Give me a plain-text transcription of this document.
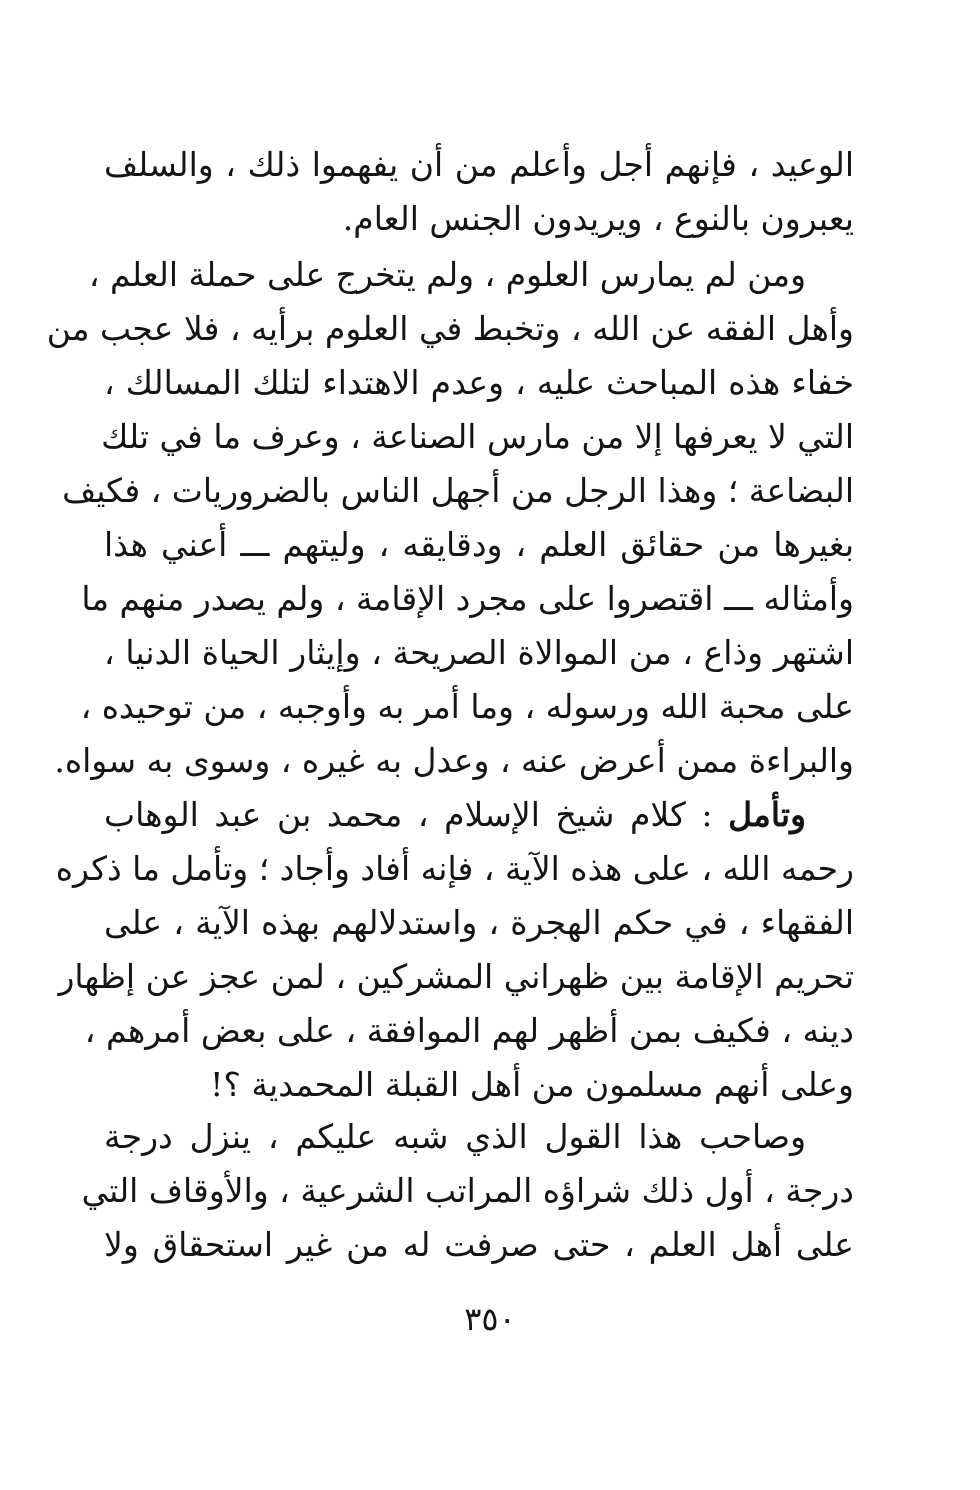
الوعيد ، فإنهم أجل وأعلم من أن يفهموا ذلك ، والسلف
يعبرون بالنوع ، ويريدون الجنس العام.
ومن لم يمارس العلوم ، ولم يتخرج على حملة العلم ،
وأهل الفقه عن الله ، وتخبط في العلوم برأيه ، فلا عجب من
خفاء هذه المباحث عليه ، وعدم الاهتداء لتلك المسالك ،
التي لا يعرفها إلا من مارس الصناعة ، وعرف ما في تلك
البضاعة ؛ وهذا الرجل من أجهل الناس بالضروريات ، فكيف
بغيرها من حقائق العلم ، ودقايقه ، وليتهم ـــ أعني هذا
وأمثاله ـــ اقتصروا على مجرد الإقامة ، ولم يصدر منهم ما
اشتهر وذاع ، من الموالاة الصريحة ، وإيثار الحياة الدنيا ،
على محبة الله ورسوله ، وما أمر به وأوجبه ، من توحيده ،
والبراءة ممن أعرض عنه ، وعدل به غيره ، وسوى به سواه.
وتأمل : كلام شيخ الإسلام ، محمد بن عبد الوهاب
رحمه الله ، على هذه الآية ، فإنه أفاد وأجاد ؛ وتأمل ما ذكره
الفقهاء ، في حكم الهجرة ، واستدلالهم بهذه الآية ، على
تحريم الإقامة بين ظهراني المشركين ، لمن عجز عن إظهار
دينه ، فكيف بمن أظهر لهم الموافقة ، على بعض أمرهم ،
وعلى أنهم مسلمون من أهل القبلة المحمدية ؟!
وصاحب هذا القول الذي شبه عليكم ، ينزل درجة
درجة ، أول ذلك شراؤه المراتب الشرعية ، والأوقاف التي
على أهل العلم ، حتى صرفت له من غير استحقاق ولا
٣٥٠
